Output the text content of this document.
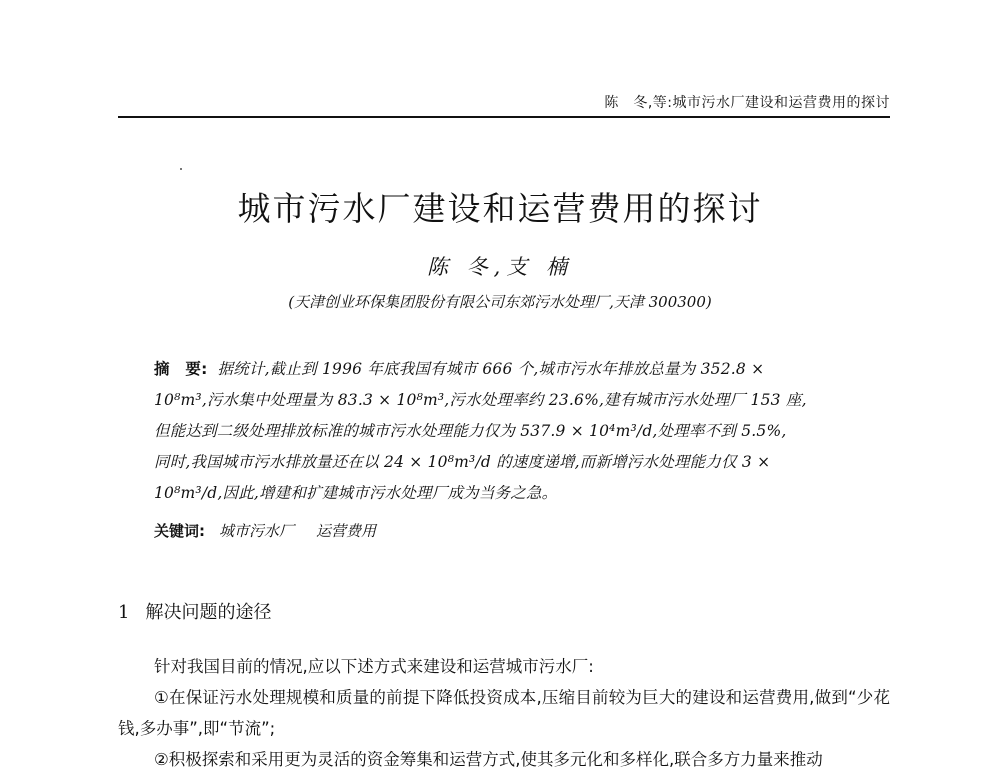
陈　冬,等:城市污水厂建设和运营费用的探讨
城市污水厂建设和运营费用的探讨
陈 冬,支 楠
(天津创业环保集团股份有限公司东郊污水处理厂,天津 300300)
摘　要: 据统计,截止到 1996 年底我国有城市 666 个,城市污水年排放总量为 352.8 ×
10⁸m³,污水集中处理量为 83.3 × 10⁸m³,污水处理率约 23.6%,建有城市污水处理厂 153 座,
但能达到二级处理排放标准的城市污水处理能力仅为 537.9 × 10⁴m³/d,处理率不到 5.5%,
同时,我国城市污水排放量还在以 24 × 10⁸m³/d 的速度递增,而新增污水处理能力仅 3 ×
10⁸m³/d,因此,增建和扩建城市污水处理厂成为当务之急。
关键词: 城市污水厂 运营费用
1 解决问题的途径

针对我国目前的情况,应以下述方式来建设和运营城市污水厂:

①在保证污水处理规模和质量的前提下降低投资成本,压缩目前较为巨大的建设和运营费用,做到“少花钱,多办事”,即“节流”;

②积极探索和采用更为灵活的资金筹集和运营方式,使其多元化和多样化,联合多方力量来推动
